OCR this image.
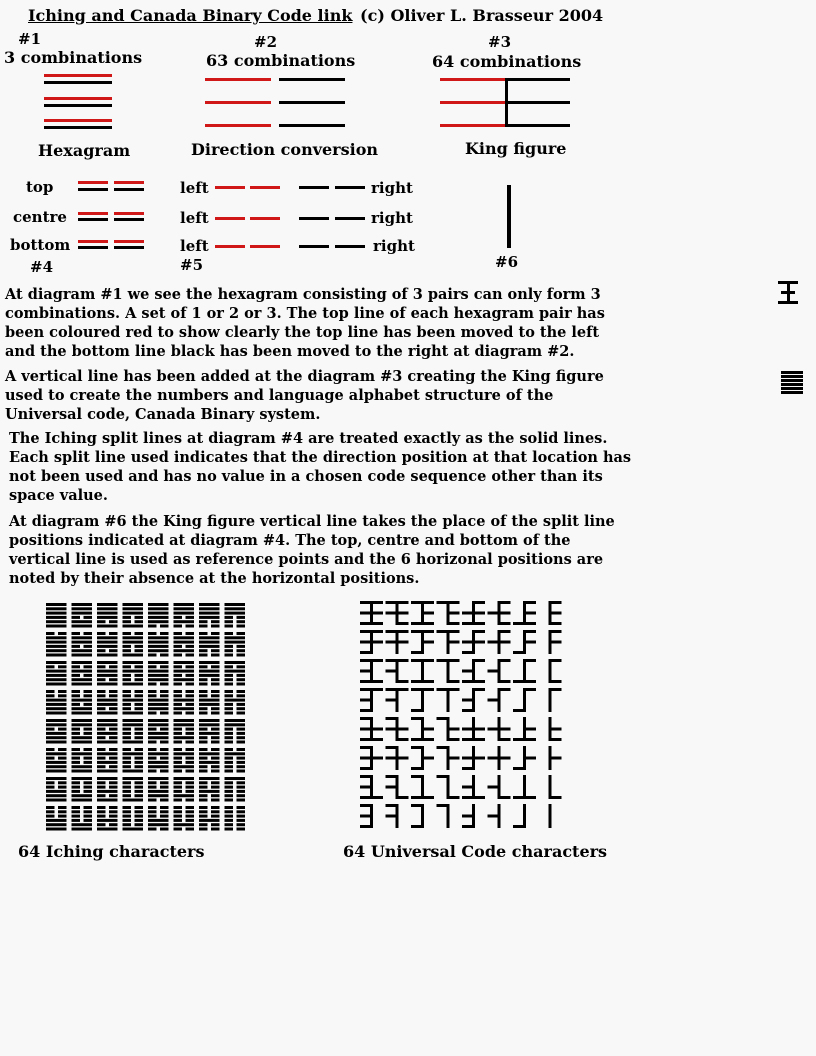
Iching and Canada Binary Code link (c) Oliver L. Brasseur 2004
#1
3 combinations
Hexagram
#2
63 combinations
Direction conversion
#3
64 combinations
King figure
top
centre
bottom
#4
left
left
left
right
right
right
#5	#6
At diagram #1 we see the hexagram consisting of 3 pairs can only form 3 combinations. A set of 1 or 2 or 3. The top line of each hexagram pair has been coloured red to show clearly the top line has been moved to the left and the bottom line black has been moved to the right at diagram #2.
A vertical line has been added at the diagram #3 creating the King figure used to create the numbers and language alphabet structure of the Universal code, Canada Binary system.
The Iching split lines at diagram #4 are treated exactly as the solid lines. Each split line used indicates that the direction position at that location has not been used and has no value in a chosen code sequence other than its space value.
At diagram #6 the King figure vertical line takes the place of the split line positions indicated at diagram #4. The top, centre and bottom of the vertical line is used as reference points and the 6 horizonal positions are noted by their absence at the horizontal positions.
64 Iching characters	64 Universal Code characters
